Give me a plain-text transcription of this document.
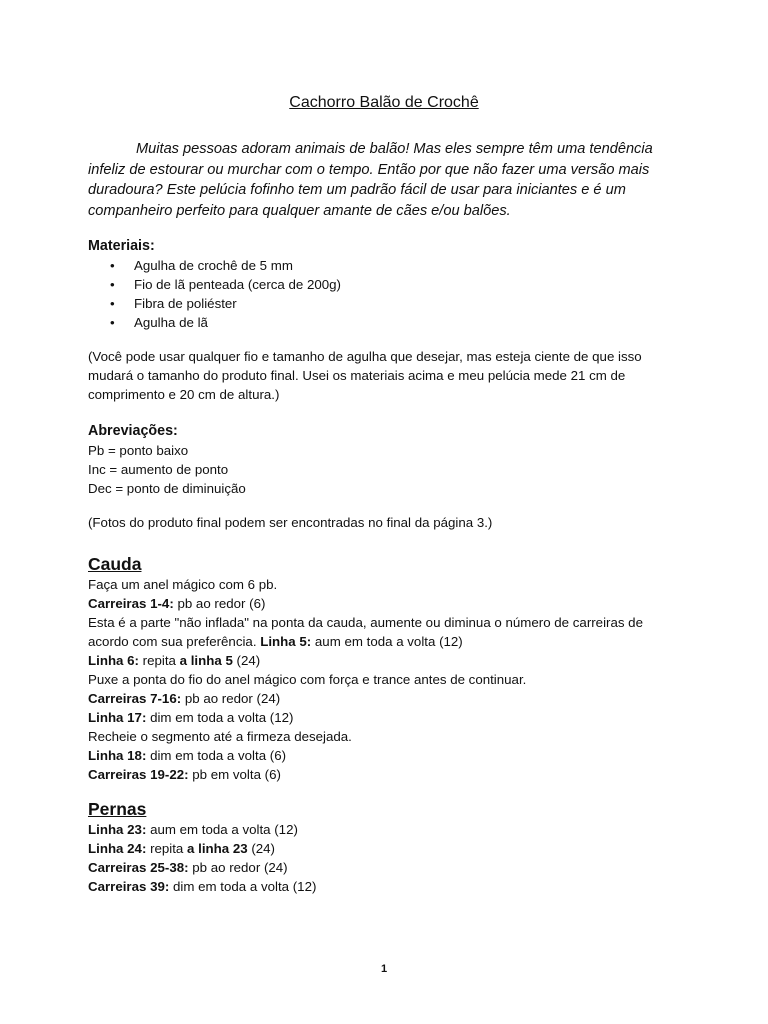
Cachorro Balão de Crochê
Muitas pessoas adoram animais de balão! Mas eles sempre têm uma tendência infeliz de estourar ou murchar com o tempo. Então por que não fazer uma versão mais duradoura? Este pelúcia fofinho tem um padrão fácil de usar para iniciantes e é um companheiro perfeito para qualquer amante de cães e/ou balões.
Materiais:
• Agulha de crochê de 5 mm
• Fio de lã penteada (cerca de 200g)
• Fibra de poliéster
• Agulha de lã
(Você pode usar qualquer fio e tamanho de agulha que desejar, mas esteja ciente de que isso mudará o tamanho do produto final. Usei os materiais acima e meu pelúcia mede 21 cm de comprimento e 20 cm de altura.)
Abreviações:
Pb = ponto baixo
Inc = aumento de ponto
Dec = ponto de diminuição
(Fotos do produto final podem ser encontradas no final da página 3.)
Cauda
Faça um anel mágico com 6 pb.
Carreiras 1-4: pb ao redor (6)
Esta é a parte "não inflada" na ponta da cauda, aumente ou diminua o número de carreiras de acordo com sua preferência. Linha 5: aum em toda a volta (12)
Linha 6: repita a linha 5 (24)
Puxe a ponta do fio do anel mágico com força e trance antes de continuar.
Carreiras 7-16: pb ao redor (24)
Linha 17: dim em toda a volta (12)
Recheie o segmento até a firmeza desejada.
Linha 18: dim em toda a volta (6)
Carreiras 19-22: pb em volta (6)
Pernas
Linha 23: aum em toda a volta (12)
Linha 24: repita a linha 23 (24)
Carreiras 25-38: pb ao redor (24)
Carreiras 39: dim em toda a volta (12)
1
